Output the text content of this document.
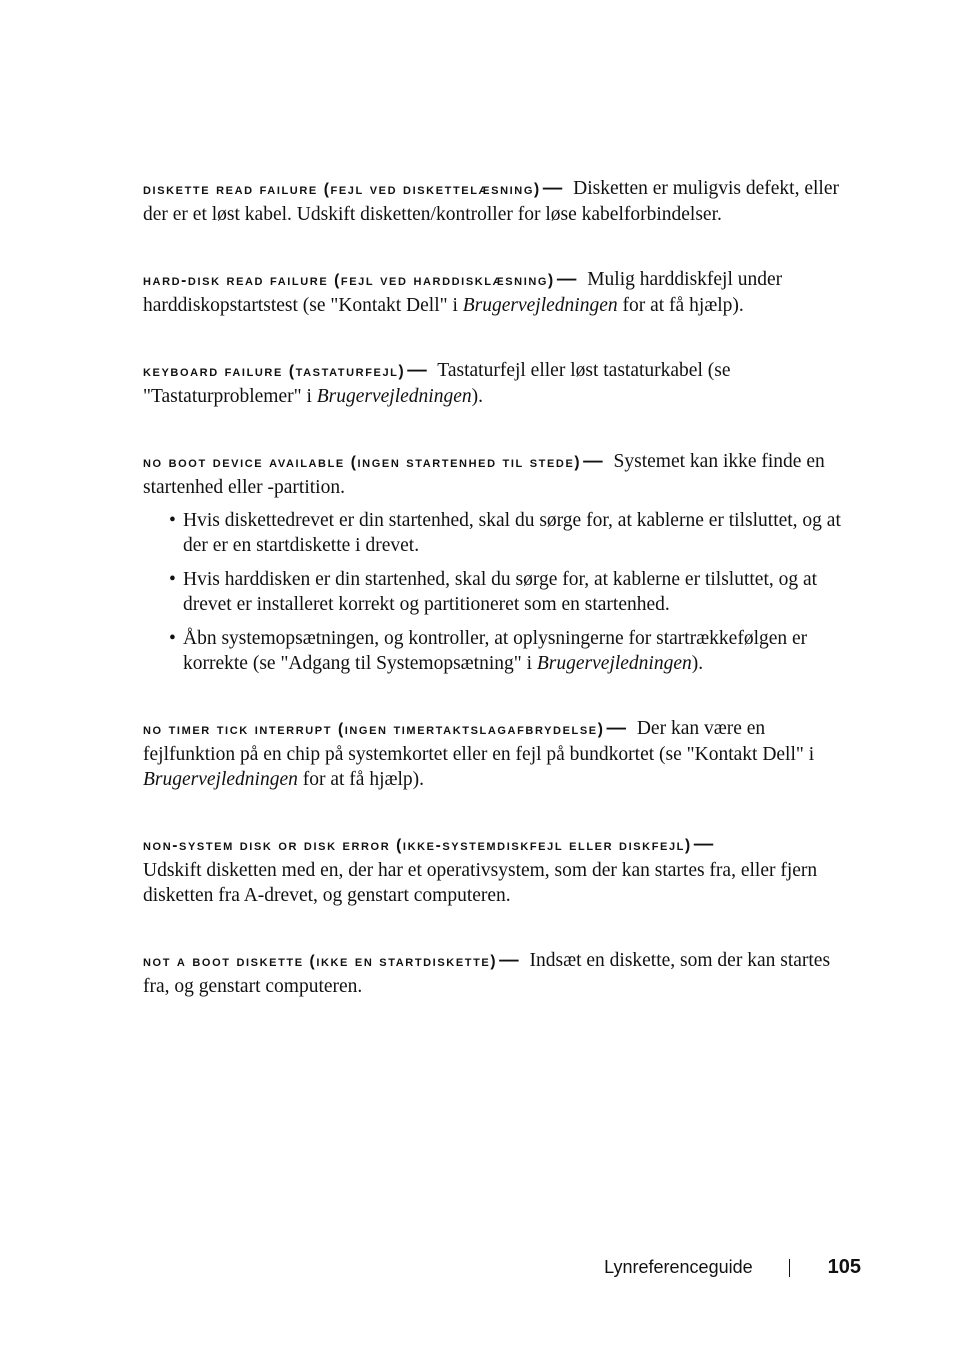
diskette read failure (fejl ved diskettelæsning) — Disketten er muligvis defekt, eller der er et løst kabel. Udskift disketten/kontroller for løse kabelforbindelser.

hard-disk read failure (fejl ved harddisklæsning) — Mulig harddiskfejl under harddiskopstartstest (se "Kontakt Dell" i Brugervejledningen for at få hjælp).

keyboard failure (tastaturfejl) — Tastaturfejl eller løst tastaturkabel (se "Tastaturproblemer" i Brugervejledningen).

no boot device available (ingen startenhed til stede) — Systemet kan ikke finde en startenhed eller -partition.

• Hvis diskettedrevet er din startenhed, skal du sørge for, at kablerne er tilsluttet, og at der er en startdiskette i drevet.
• Hvis harddisken er din startenhed, skal du sørge for, at kablerne er tilsluttet, og at drevet er installeret korrekt og partitioneret som en startenhed.
• Åbn systemopsætningen, og kontroller, at oplysningerne for startrækkefølgen er korrekte (se "Adgang til Systemopsætning" i Brugervejledningen).

no timer tick interrupt (ingen timertaktslagafbrydelse) — Der kan være en fejlfunktion på en chip på systemkortet eller en fejl på bundkortet (se "Kontakt Dell" i Brugervejledningen for at få hjælp).

non-system disk or disk error (ikke-systemdiskfejl eller diskfejl) —

Udskift disketten med en, der har et operativsystem, som der kan startes fra, eller fjern disketten fra A-drevet, og genstart computeren.

not a boot diskette (ikke en startdiskette) — Indsæt en diskette, som der kan startes fra, og genstart computeren.

Lynreferenceguide	105
